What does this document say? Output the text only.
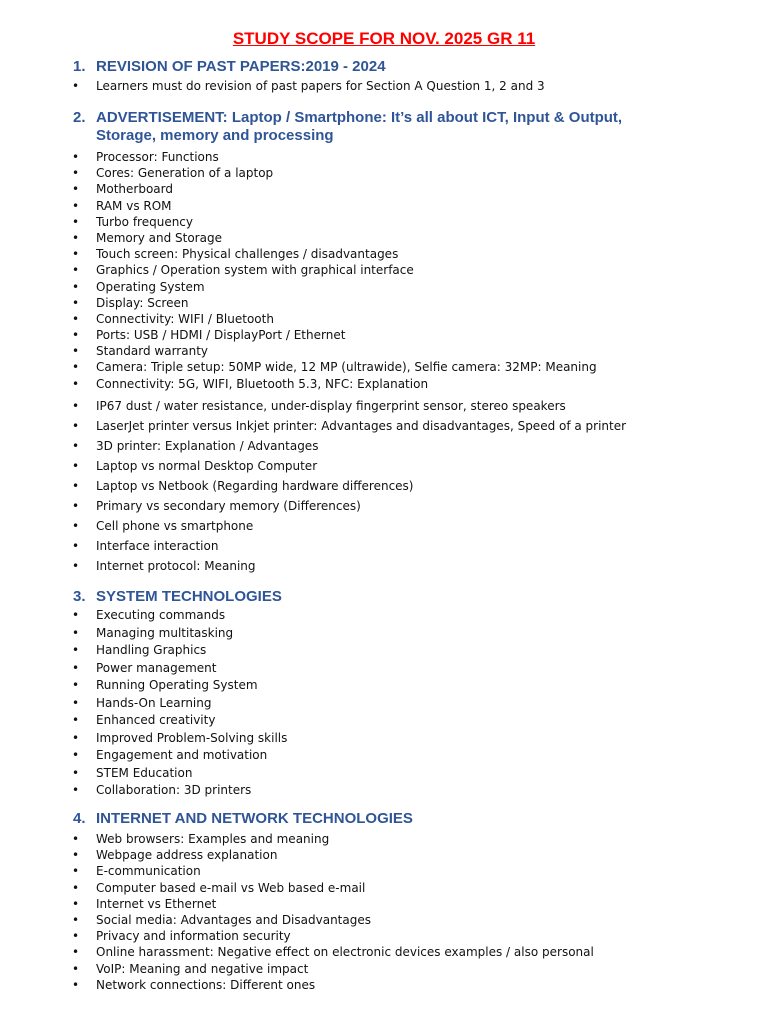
STUDY SCOPE FOR NOV. 2025 GR 11
1. REVISION OF PAST PAPERS:2019 - 2024
• Learners must do revision of past papers for Section A Question 1, 2 and 3
2. ADVERTISEMENT: Laptop / Smartphone: It’s all about ICT, Input & Output, Storage, memory and processing
• Processor: Functions
• Cores: Generation of a laptop
• Motherboard
• RAM vs ROM
• Turbo frequency
• Memory and Storage
• Touch screen: Physical challenges / disadvantages
• Graphics / Operation system with graphical interface
• Operating System
• Display: Screen
• Connectivity: WIFI / Bluetooth
• Ports: USB / HDMI / DisplayPort / Ethernet
• Standard warranty
• Camera: Triple setup: 50MP wide, 12 MP (ultrawide), Selfie camera: 32MP: Meaning
• Connectivity: 5G, WIFI, Bluetooth 5.3, NFC: Explanation
• IP67 dust / water resistance, under-display fingerprint sensor, stereo speakers
• LaserJet printer versus Inkjet printer: Advantages and disadvantages, Speed of a printer
• 3D printer: Explanation / Advantages
• Laptop vs normal Desktop Computer
• Laptop vs Netbook (Regarding hardware differences)
• Primary vs secondary memory (Differences)
• Cell phone vs smartphone
• Interface interaction
• Internet protocol: Meaning
3. SYSTEM TECHNOLOGIES
• Executing commands
• Managing multitasking
• Handling Graphics
• Power management
• Running Operating System
• Hands-On Learning
• Enhanced creativity
• Improved Problem-Solving skills
• Engagement and motivation
• STEM Education
• Collaboration: 3D printers
4. INTERNET AND NETWORK TECHNOLOGIES
• Web browsers: Examples and meaning
• Webpage address explanation
• E-communication
• Computer based e-mail vs Web based e-mail
• Internet vs Ethernet
• Social media: Advantages and Disadvantages
• Privacy and information security
• Online harassment: Negative effect on electronic devices examples / also personal
• VoIP: Meaning and negative impact
• Network connections: Different ones
